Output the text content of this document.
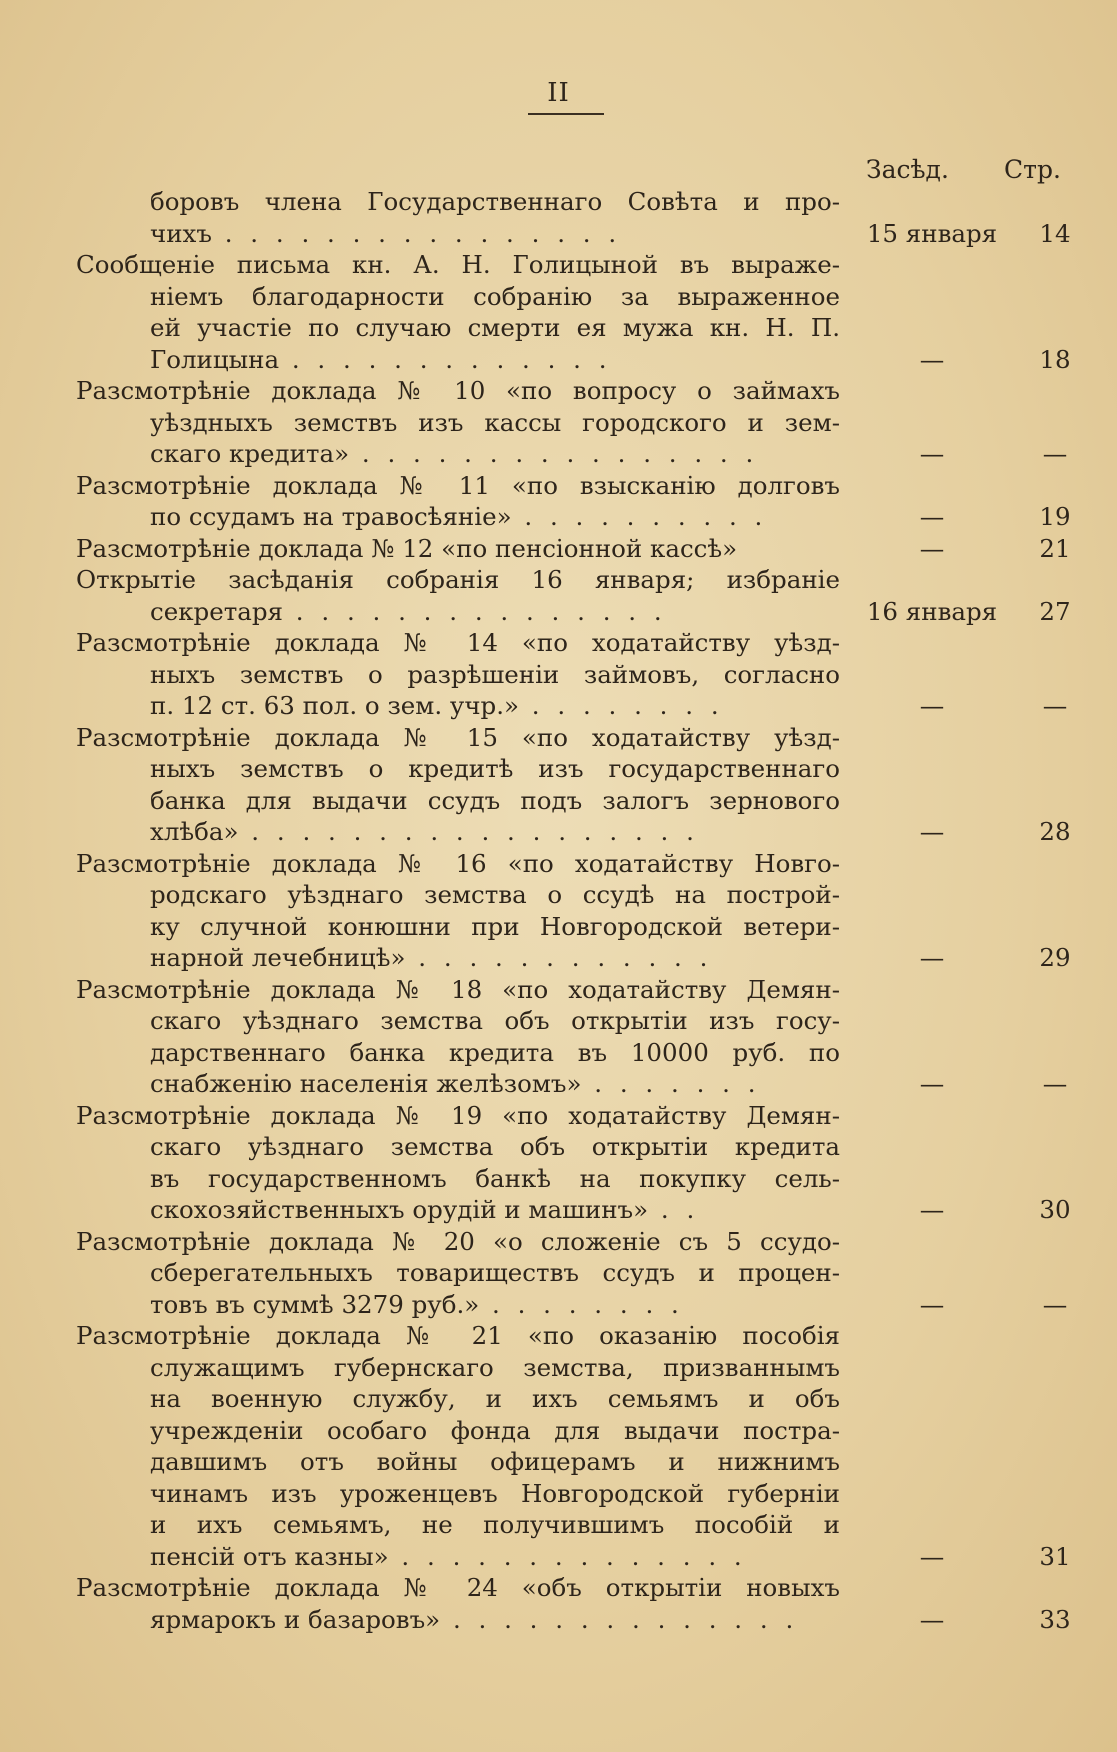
II
Засѣд. Стр.
боровъ члена Государственнаго Совѣта и про-
чихъ . . . . . . . . . . . . . . . .	15 января	14
Сообщеніе письма кн. А. Н. Голицыной въ выраже-
ніемъ благодарности собранію за выраженное
ей участіе по случаю смерти ея мужа кн. Н. П.
Голицына . . . . . . . . . . . . .	—	18
Разсмотрѣніе доклада № 10 «по вопросу о займахъ
уѣздныхъ земствъ изъ кассы городского и зем-
скаго кредита» . . . . . . . . . . . . . . . .	—	—
Разсмотрѣніе доклада № 11 «по взысканію долговъ
по ссудамъ на травосѣяніе» . . . . . . . . . .	—	19
Разсмотрѣніе доклада № 12 «по пенсіонной кассѣ»	—	21
Открытіе засѣданія собранія 16 января; избраніе
секретаря . . . . . . . . . . . . . . .	16 января	27
Разсмотрѣніе доклада № 14 «по ходатайству уѣзд-
ныхъ земствъ о разрѣшеніи займовъ, согласно
п. 12 ст. 63 пол. о зем. учр.» . . . . . . . .	—	—
Разсмотрѣніе доклада № 15 «по ходатайству уѣзд-
ныхъ земствъ о кредитѣ изъ государственнаго
банка для выдачи ссудъ подъ залогъ зернового
хлѣба» . . . . . . . . . . . . . . . . . .	—	28
Разсмотрѣніе доклада № 16 «по ходатайству Новго-
родскаго уѣзднаго земства о ссудѣ на построй-
ку случной конюшни при Новгородской ветери-
нарной лечебницѣ» . . . . . . . . . . . .	—	29
Разсмотрѣніе доклада № 18 «по ходатайству Демян-
скаго уѣзднаго земства объ открытіи изъ госу-
дарственнаго банка кредита въ 10000 руб. по
снабженію населенія желѣзомъ» . . . . . . .	—	—
Разсмотрѣніе доклада № 19 «по ходатайству Демян-
скаго уѣзднаго земства объ открытіи кредита
въ государственномъ банкѣ на покупку сель-
скохозяйственныхъ орудій и машинъ» . .	—	30
Разсмотрѣніе доклада № 20 «о сложеніе съ 5 ссудо-
сберегательныхъ товариществъ ссудъ и процен-
товъ въ суммѣ 3279 руб.» . . . . . . . .	—	—
Разсмотрѣніе доклада № 21 «по оказанію пособія
служащимъ губернскаго земства, призваннымъ
на военную службу, и ихъ семьямъ и объ
учрежденіи особаго фонда для выдачи постра-
давшимъ отъ войны офицерамъ и нижнимъ
чинамъ изъ уроженцевъ Новгородской губерніи
и ихъ семьямъ, не получившимъ пособій и
пенсій отъ казны» . . . . . . . . . . . . . .	—	31
Разсмотрѣніе доклада № 24 «объ открытіи новыхъ
ярмарокъ и базаровъ» . . . . . . . . . . . . . .	—	33
